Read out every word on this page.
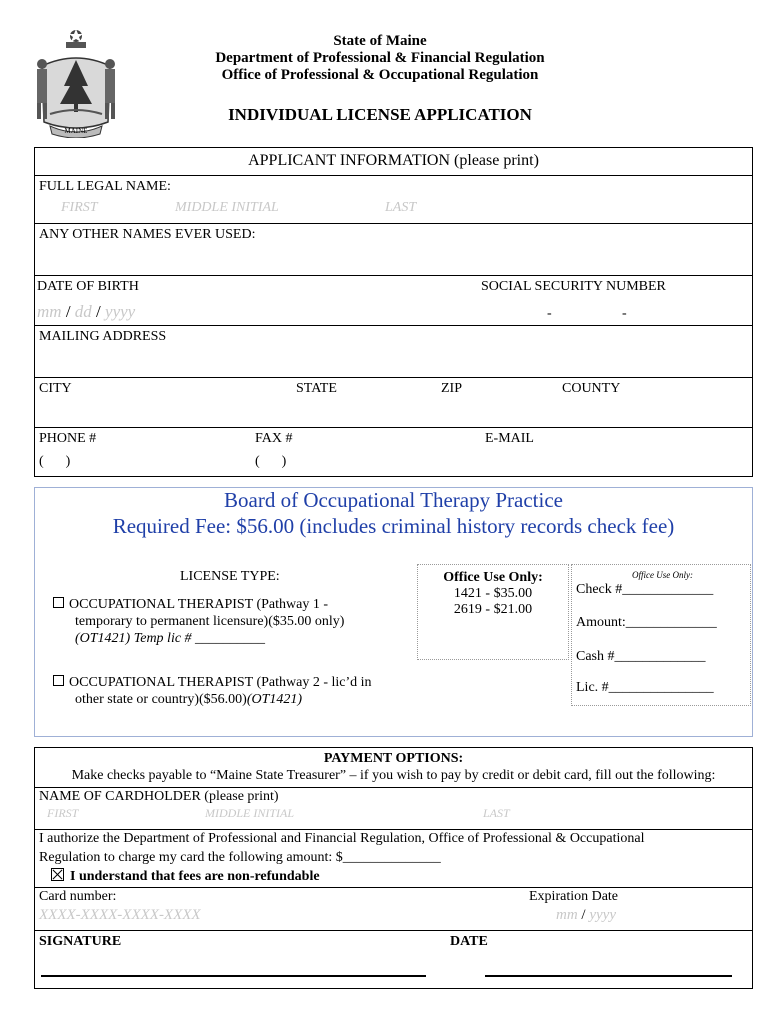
MAINE
State of Maine
Department of Professional & Financial Regulation
Office of Professional & Occupational Regulation
INDIVIDUAL LICENSE APPLICATION
APPLICANT INFORMATION (please print)
FULL LEGAL NAME:
FIRST	MIDDLE INITIAL	LAST
ANY OTHER NAMES EVER USED:
DATE OF BIRTH
mm / dd / yyyy
SOCIAL SECURITY NUMBER
-	-
MAILING ADDRESS
CITY	STATE	ZIP	COUNTY
PHONE #
( )
FAX #
( )
E-MAIL
Board of Occupational Therapy Practice
Required Fee: $56.00 (includes criminal history records check fee)
LICENSE TYPE:
OCCUPATIONAL THERAPIST (Pathway 1 -
temporary to permanent licensure)($35.00 only)
(OT1421) Temp lic # __________
OCCUPATIONAL THERAPIST (Pathway 2 - lic’d in
other state or country)($56.00)(OT1421)
Office Use Only:
1421 - $35.00
2619 - $21.00
Office Use Only:
Check #_____________
Amount:_____________
Cash #_____________
Lic. #_______________
PAYMENT OPTIONS:
Make checks payable to “Maine State Treasurer” – if you wish to pay by credit or debit card, fill out the following:
NAME OF CARDHOLDER (please print)
FIRST	MIDDLE INITIAL	LAST
I authorize the Department of Professional and Financial Regulation, Office of Professional & Occupational
Regulation to charge my card the following amount: $______________
I understand that fees are non-refundable
Card number:
XXXX-XXXX-XXXX-XXXX
Expiration Date
mm / yyyy
SIGNATURE	DATE
